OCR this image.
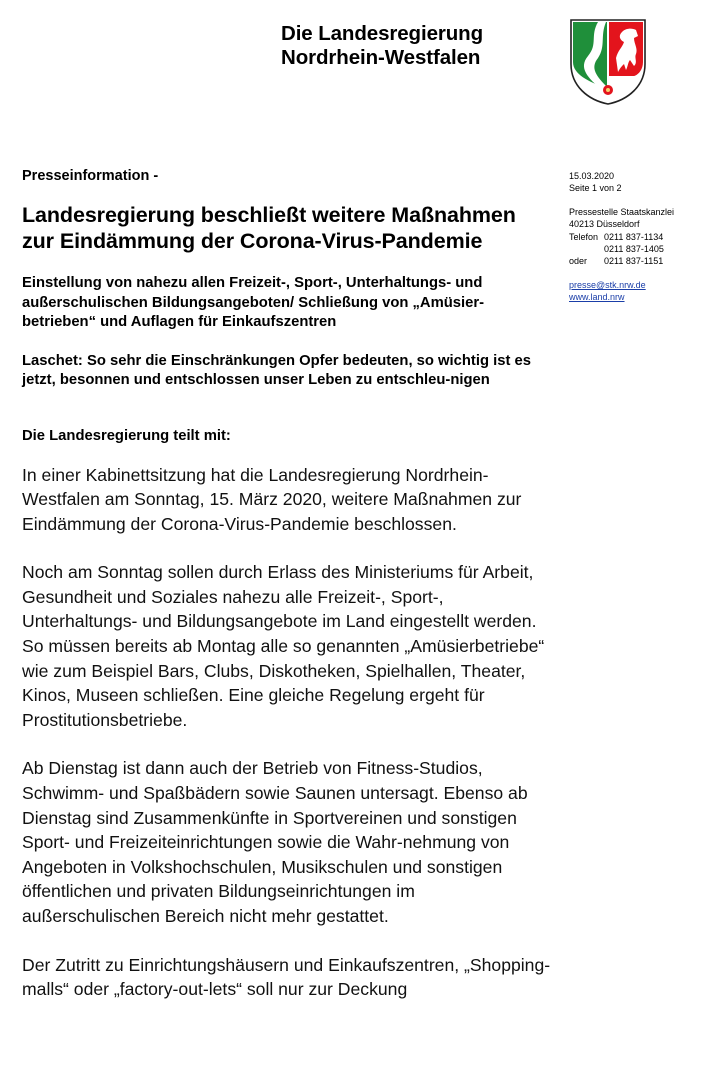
Die Landesregierung
Nordrhein-Westfalen
15.03.2020
Seite 1 von 2
Pressestelle Staatskanzlei
40213 Düsseldorf
Telefon 0211 837-1134
0211 837-1405
oder	0211 837-1151
presse@stk.nrw.de
www.land.nrw

Presseinformation -

Landesregierung beschließt weitere Maßnahmen zur Eindämmung der Corona-Virus-Pandemie

Einstellung von nahezu allen Freizeit-, Sport-, Unterhaltungs- und außerschulischen Bildungsangeboten/ Schließung von „Amüsier-betrieben“ und Auflagen für Einkaufszentren

Laschet: So sehr die Einschränkungen Opfer bedeuten, so wichtig ist es jetzt, besonnen und entschlossen unser Leben zu entschleu-nigen

Die Landesregierung teilt mit:

In einer Kabinettsitzung hat die Landesregierung Nordrhein-Westfalen am Sonntag, 15. März 2020, weitere Maßnahmen zur Eindämmung der Corona-Virus-Pandemie beschlossen.

Noch am Sonntag sollen durch Erlass des Ministeriums für Arbeit, Gesundheit und Soziales nahezu alle Freizeit-, Sport-, Unterhaltungs- und Bildungsangebote im Land eingestellt werden. So müssen bereits ab Montag alle so genannten „Amüsierbetriebe“ wie zum Beispiel Bars, Clubs, Diskotheken, Spielhallen, Theater, Kinos, Museen schließen. Eine gleiche Regelung ergeht für Prostitutionsbetriebe.

Ab Dienstag ist dann auch der Betrieb von Fitness-Studios, Schwimm- und Spaßbädern sowie Saunen untersagt. Ebenso ab Dienstag sind Zusammenkünfte in Sportvereinen und sonstigen Sport- und Freizeiteinrichtungen sowie die Wahr-nehmung von Angeboten in Volkshochschulen, Musikschulen und sonstigen öffentlichen und privaten Bildungseinrichtungen im außerschulischen Bereich nicht mehr gestattet.

Der Zutritt zu Einrichtungshäusern und Einkaufszentren, „Shopping-malls“ oder „factory-out-lets“ soll nur zur Deckung
